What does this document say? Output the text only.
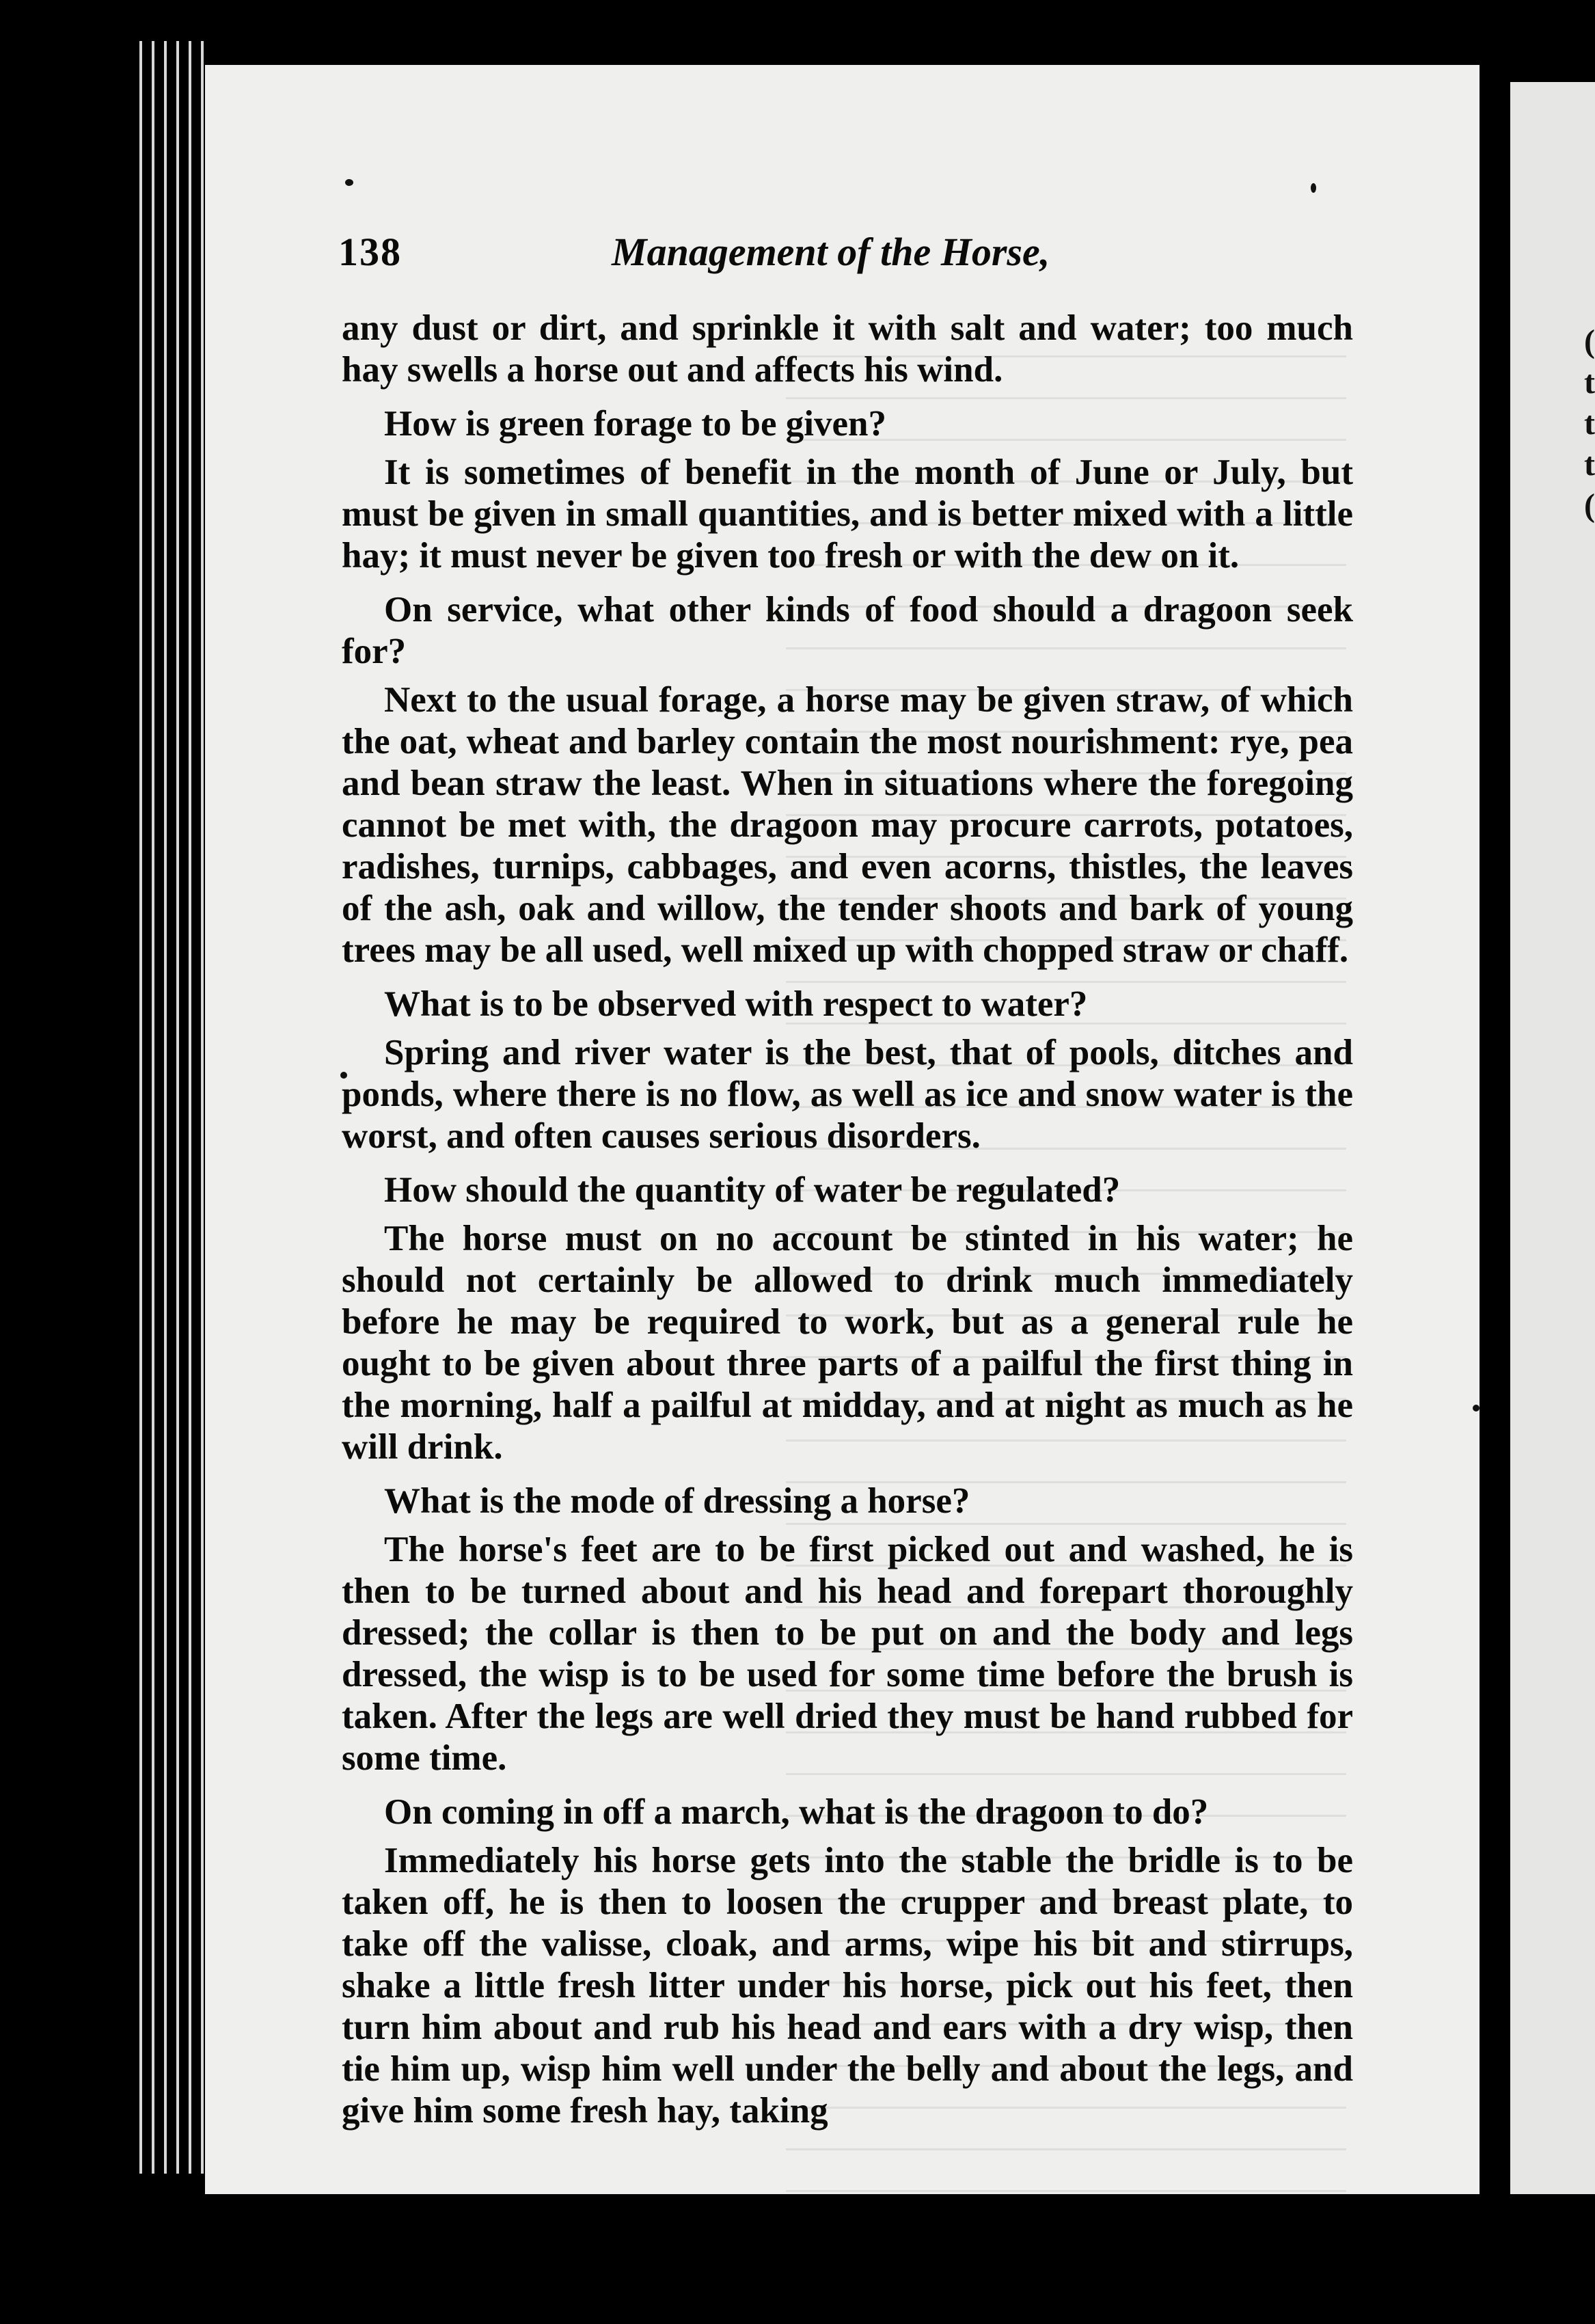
(
t
t
t
(
138	Management of the Horse,

any dust or dirt, and sprinkle it with salt and water; too much hay swells a horse out and affects his wind.

How is green forage to be given?

It is sometimes of benefit in the month of June or July, but must be given in small quantities, and is better mixed with a little hay; it must never be given too fresh or with the dew on it.

On service, what other kinds of food should a dragoon seek for?

Next to the usual forage, a horse may be given straw, of which the oat, wheat and barley contain the most nourishment: rye, pea and bean straw the least. When in situations where the foregoing cannot be met with, the dragoon may procure carrots, potatoes, radishes, turnips, cabbages, and even acorns, thistles, the leaves of the ash, oak and willow, the tender shoots and bark of young trees may be all used, well mixed up with chopped straw or chaff.

What is to be observed with respect to water?

Spring and river water is the best, that of pools, ditches and ponds, where there is no flow, as well as ice and snow water is the worst, and often causes serious disorders.

How should the quantity of water be regulated?

The horse must on no account be stinted in his water; he should not certainly be allowed to drink much immediately before he may be required to work, but as a general rule he ought to be given about three parts of a pailful the first thing in the morning, half a pailful at midday, and at night as much as he will drink.

What is the mode of dressing a horse?

The horse's feet are to be first picked out and washed, he is then to be turned about and his head and forepart thoroughly dressed; the collar is then to be put on and the body and legs dressed, the wisp is to be used for some time before the brush is taken. After the legs are well dried they must be hand rubbed for some time.

On coming in off a march, what is the dragoon to do?

Immediately his horse gets into the stable the bridle is to be taken off, he is then to loosen the crupper and breast plate, to take off the valisse, cloak, and arms, wipe his bit and stirrups, shake a little fresh litter under his horse, pick out his feet, then turn him about and rub his head and ears with a dry wisp, then tie him up, wisp him well under the belly and about the legs, and give him some fresh hay, taking
